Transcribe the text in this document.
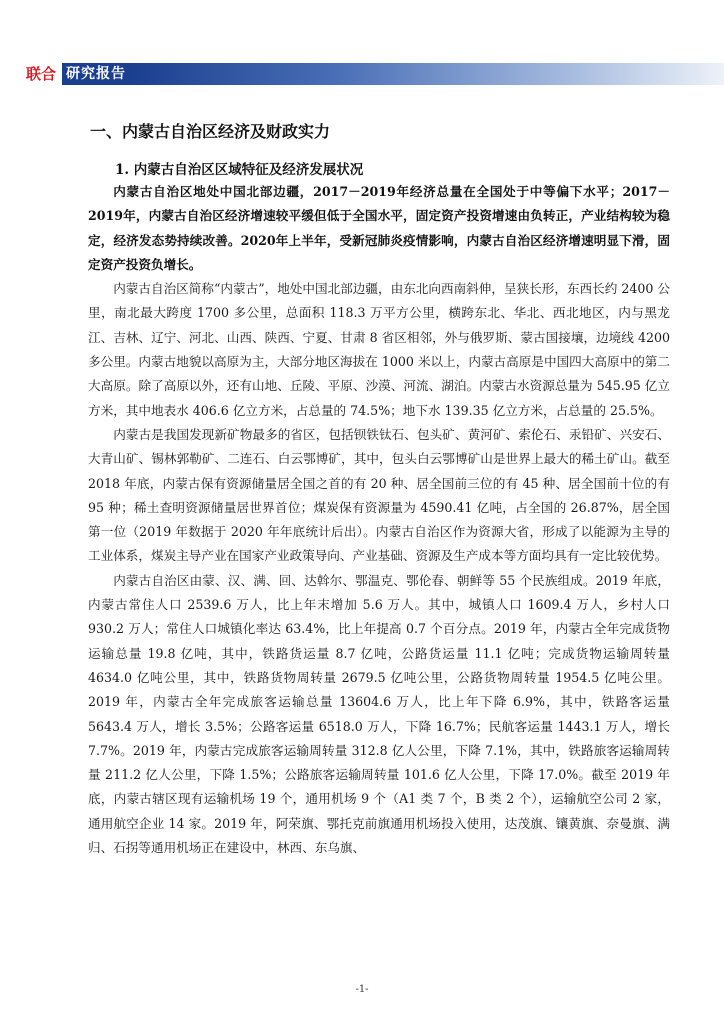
联合 研究报告
一、内蒙古自治区经济及财政实力
1. 内蒙古自治区区域特征及经济发展状况

内蒙古自治区地处中国北部边疆，2017－2019年经济总量在全国处于中等偏下水平；2017－2019年，内蒙古自治区经济增速较平缓但低于全国水平，固定资产投资增速由负转正，产业结构较为稳定，经济发态势持续改善。2020年上半年，受新冠肺炎疫情影响，内蒙古自治区经济增速明显下滑，固定资产投资负增长。

内蒙古自治区简称“内蒙古”，地处中国北部边疆，由东北向西南斜伸，呈狭长形，东西长约 2400 公里，南北最大跨度 1700 多公里，总面积 118.3 万平方公里，横跨东北、华北、西北地区，内与黑龙江、吉林、辽宁、河北、山西、陕西、宁夏、甘肃 8 省区相邻，外与俄罗斯、蒙古国接壤，边境线 4200 多公里。内蒙古地貌以高原为主，大部分地区海拔在 1000 米以上，内蒙古高原是中国四大高原中的第二大高原。除了高原以外，还有山地、丘陵、平原、沙漠、河流、湖泊。内蒙古水资源总量为 545.95 亿立方米，其中地表水 406.6 亿立方米，占总量的 74.5%；地下水 139.35 亿立方米，占总量的 25.5%。

内蒙古是我国发现新矿物最多的省区，包括钡铁钛石、包头矿、黄河矿、索伦石、汞铅矿、兴安石、大青山矿、锡林郭勒矿、二连石、白云鄂博矿，其中，包头白云鄂博矿山是世界上最大的稀土矿山。截至 2018 年底，内蒙古保有资源储量居全国之首的有 20 种、居全国前三位的有 45 种、居全国前十位的有 95 种；稀土查明资源储量居世界首位；煤炭保有资源量为 4590.41 亿吨，占全国的 26.87%，居全国第一位（2019 年数据于 2020 年年底统计后出）。内蒙古自治区作为资源大省，形成了以能源为主导的工业体系，煤炭主导产业在国家产业政策导向、产业基础、资源及生产成本等方面均具有一定比较优势。

内蒙古自治区由蒙、汉、满、回、达斡尔、鄂温克、鄂伦春、朝鲜等 55 个民族组成。2019 年底，内蒙古常住人口 2539.6 万人，比上年末增加 5.6 万人。其中，城镇人口 1609.4 万人，乡村人口 930.2 万人；常住人口城镇化率达 63.4%，比上年提高 0.7 个百分点。2019 年，内蒙古全年完成货物运输总量 19.8 亿吨，其中，铁路货运量 8.7 亿吨，公路货运量 11.1 亿吨；完成货物运输周转量 4634.0 亿吨公里，其中，铁路货物周转量 2679.5 亿吨公里，公路货物周转量 1954.5 亿吨公里。2019 年，内蒙古全年完成旅客运输总量 13604.6 万人，比上年下降 6.9%，其中，铁路客运量 5643.4 万人，增长 3.5%；公路客运量 6518.0 万人，下降 16.7%；民航客运量 1443.1 万人，增长 7.7%。2019 年，内蒙古完成旅客运输周转量 312.8 亿人公里，下降 7.1%，其中，铁路旅客运输周转量 211.2 亿人公里，下降 1.5%；公路旅客运输周转量 101.6 亿人公里，下降 17.0%。截至 2019 年底，内蒙古辖区现有运输机场 19 个，通用机场 9 个（A1 类 7 个，B 类 2 个），运输航空公司 2 家，通用航空企业 14 家。2019 年，阿荣旗、鄂托克前旗通用机场投入使用，达茂旗、镶黄旗、奈曼旗、满归、石拐等通用机场正在建设中，林西、东乌旗、

-1-
